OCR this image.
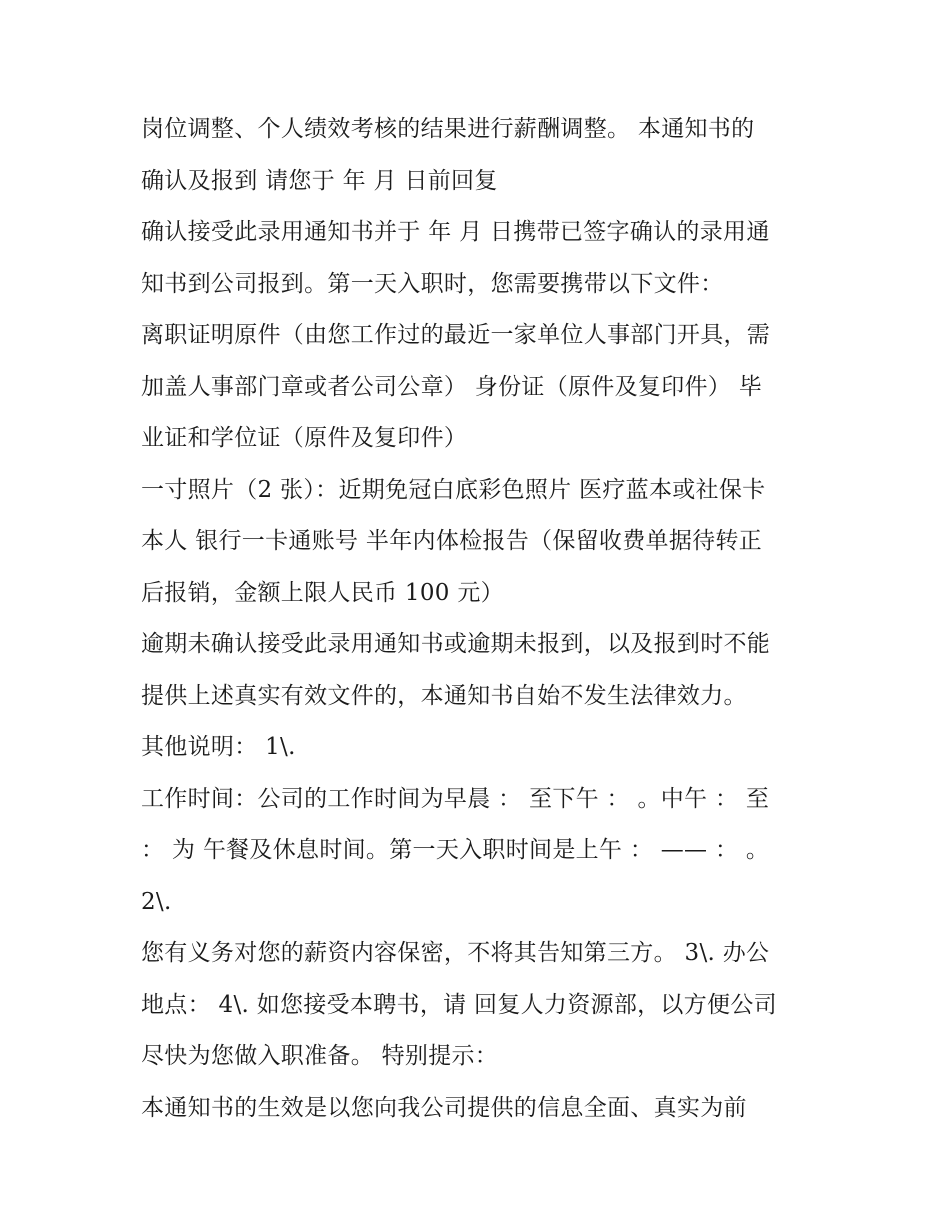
岗位调整、个人绩效考核的结果进行薪酬调整。 本通知书的
确认及报到 请您于 年 月 日前回复
确认接受此录用通知书并于 年 月 日携带已签字确认的录用通
知书到公司报到。第一天入职时，您需要携带以下文件：
离职证明原件（由您工作过的最近一家单位人事部门开具，需
加盖人事部门章或者公司公章） 身份证（原件及复印件） 毕
业证和学位证（原件及复印件）
一寸照片（2 张）：近期免冠白底彩色照片 医疗蓝本或社保卡
本人 银行一卡通账号 半年内体检报告（保留收费单据待转正
后报销，金额上限人民币 100 元）
逾期未确认接受此录用通知书或逾期未报到，以及报到时不能
提供上述真实有效文件的，本通知书自始不发生法律效力。
其他说明： 1\.
工作时间：公司的工作时间为早晨 ： 至下午 ： 。中午 ： 至
： 为 午餐及休息时间。第一天入职时间是上午 ： —— ： 。
2\.
您有义务对您的薪资内容保密，不将其告知第三方。 3\. 办公
地点： 4\. 如您接受本聘书，请 回复人力资源部，以方便公司
尽快为您做入职准备。 特别提示：
本通知书的生效是以您向我公司提供的信息全面、真实为前
